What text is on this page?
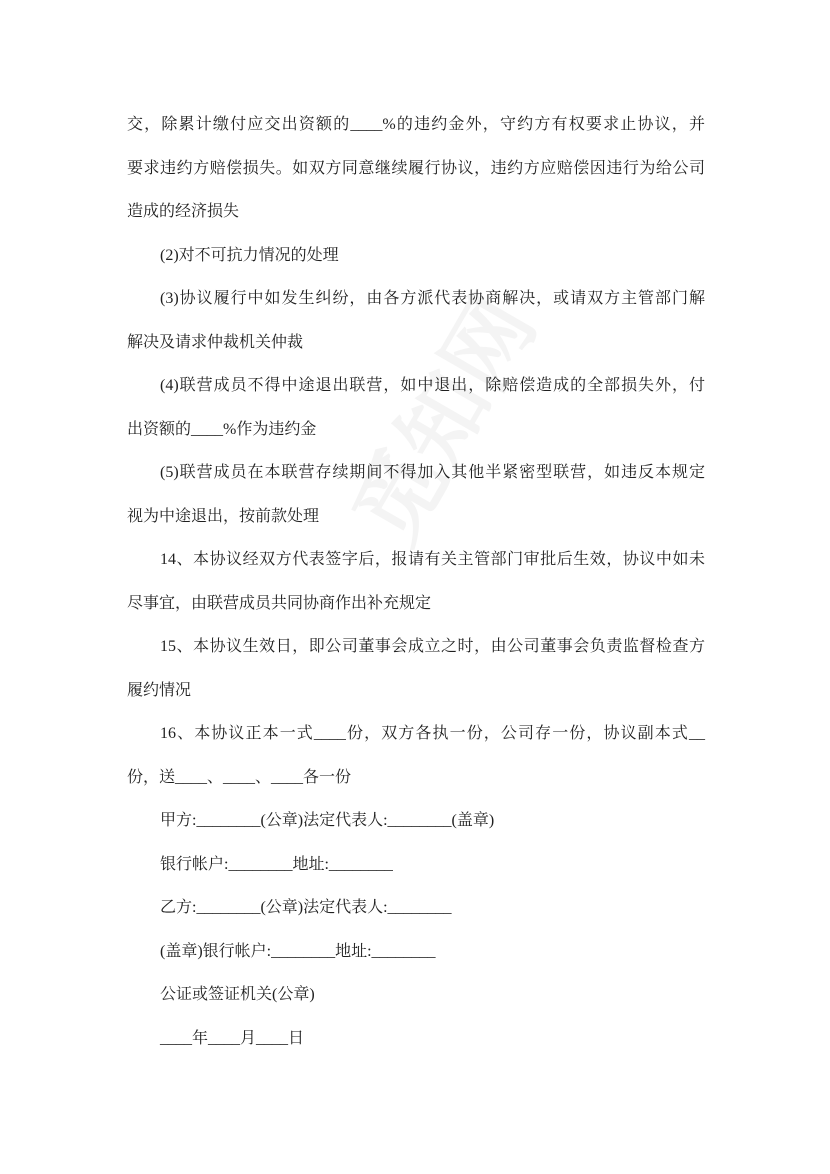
交，除累计缴付应交出资额的____%的违约金外，守约方有权要求止协议，并
要求违约方赔偿损失。如双方同意继续履行协议，违约方应赔偿因违行为给公司
造成的经济损失
(2)对不可抗力情况的处理
(3)协议履行中如发生纠纷，由各方派代表协商解决，或请双方主管部门解
解决及请求仲裁机关仲裁
(4)联营成员不得中途退出联营，如中退出，除赔偿造成的全部损失外，付
出资额的____%作为违约金
(5)联营成员在本联营存续期间不得加入其他半紧密型联营，如违反本规定
视为中途退出，按前款处理
14、本协议经双方代表签字后，报请有关主管部门审批后生效，协议中如未
尽事宜，由联营成员共同协商作出补充规定
15、本协议生效日，即公司董事会成立之时，由公司董事会负责监督检查方
履约情况
16、本协议正本一式____份，双方各执一份，公司存一份，协议副本式__
份，送____、____、____各一份
甲方:________(公章)法定代表人:________(盖章)
银行帐户:________地址:________
乙方:________(公章)法定代表人:________
(盖章)银行帐户:________地址:________
公证或签证机关(公章)
____年____月____日
